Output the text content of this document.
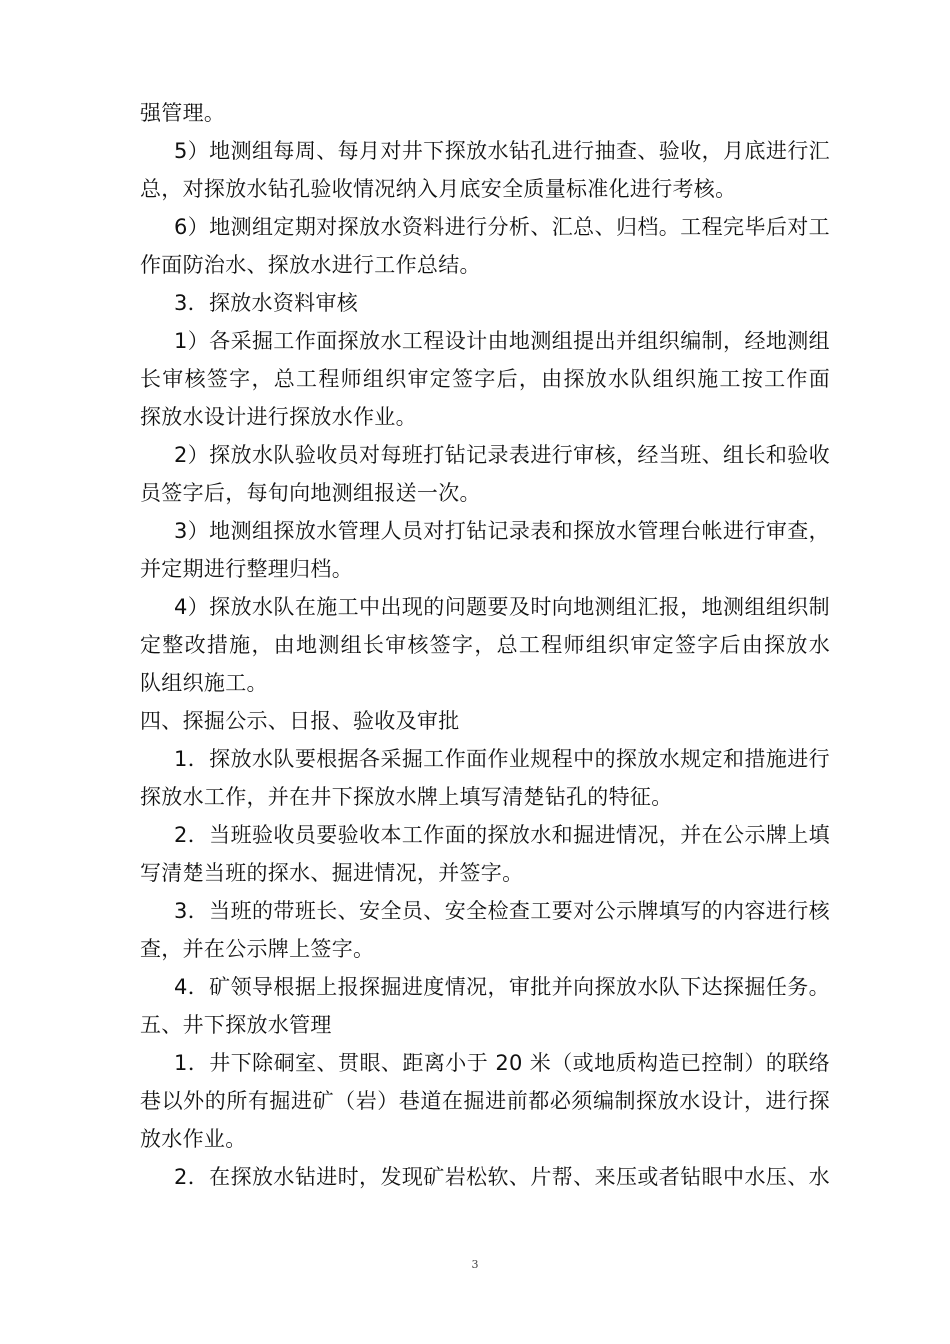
强管理。
5）地测组每周、每月对井下探放水钻孔进行抽查、验收，月底进行汇
总，对探放水钻孔验收情况纳入月底安全质量标准化进行考核。
6）地测组定期对探放水资料进行分析、汇总、归档。工程完毕后对工
作面防治水、探放水进行工作总结。
3．探放水资料审核
1）各采掘工作面探放水工程设计由地测组提出并组织编制，经地测组
长审核签字，总工程师组织审定签字后，由探放水队组织施工按工作面
探放水设计进行探放水作业。
2）探放水队验收员对每班打钻记录表进行审核，经当班、组长和验收
员签字后，每旬向地测组报送一次。
3）地测组探放水管理人员对打钻记录表和探放水管理台帐进行审查，
并定期进行整理归档。
4）探放水队在施工中出现的问题要及时向地测组汇报，地测组组织制
定整改措施，由地测组长审核签字，总工程师组织审定签字后由探放水
队组织施工。
四、探掘公示、日报、验收及审批
1．探放水队要根据各采掘工作面作业规程中的探放水规定和措施进行
探放水工作，并在井下探放水牌上填写清楚钻孔的特征。
2．当班验收员要验收本工作面的探放水和掘进情况，并在公示牌上填
写清楚当班的探水、掘进情况，并签字。
3．当班的带班长、安全员、安全检查工要对公示牌填写的内容进行核
查，并在公示牌上签字。
4．矿领导根据上报探掘进度情况，审批并向探放水队下达探掘任务。
五、井下探放水管理
1．井下除硐室、贯眼、距离小于 20 米（或地质构造已控制）的联络
巷以外的所有掘进矿（岩）巷道在掘进前都必须编制探放水设计，进行探
放水作业。
2．在探放水钻进时，发现矿岩松软、片帮、来压或者钻眼中水压、水
3
